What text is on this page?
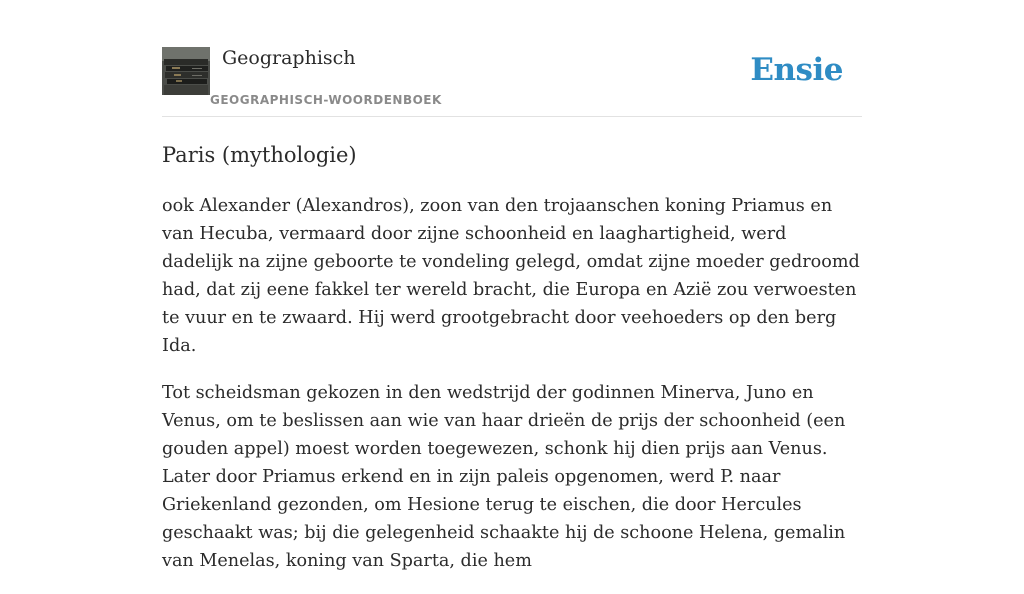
Geographisch
GEOGRAPHISCH-WOORDENBOEK
Ensie
Paris (mythologie)

ook Alexander (Alexandros), zoon van den trojaanschen koning Priamus en van Hecuba, vermaard door zijne schoonheid en laaghartigheid, werd dadelijk na zijne geboorte te vondeling gelegd, omdat zijne moeder gedroomd had, dat zij eene fakkel ter wereld bracht, die Europa en Azië zou verwoesten te vuur en te zwaard. Hij werd grootgebracht door veehoeders op den berg Ida.

Tot scheidsman gekozen in den wedstrijd der godinnen Minerva, Juno en Venus, om te beslissen aan wie van haar drieën de prijs der schoonheid (een gouden appel) moest worden toegewezen, schonk hij dien prijs aan Venus. Later door Priamus erkend en in zijn paleis opgenomen, werd P. naar Griekenland gezonden, om Hesione terug te eischen, die door Hercules geschaakt was; bij die gelegenheid schaakte hij de schoone Helena, gemalin van Menelas, koning van Sparta, die hem
